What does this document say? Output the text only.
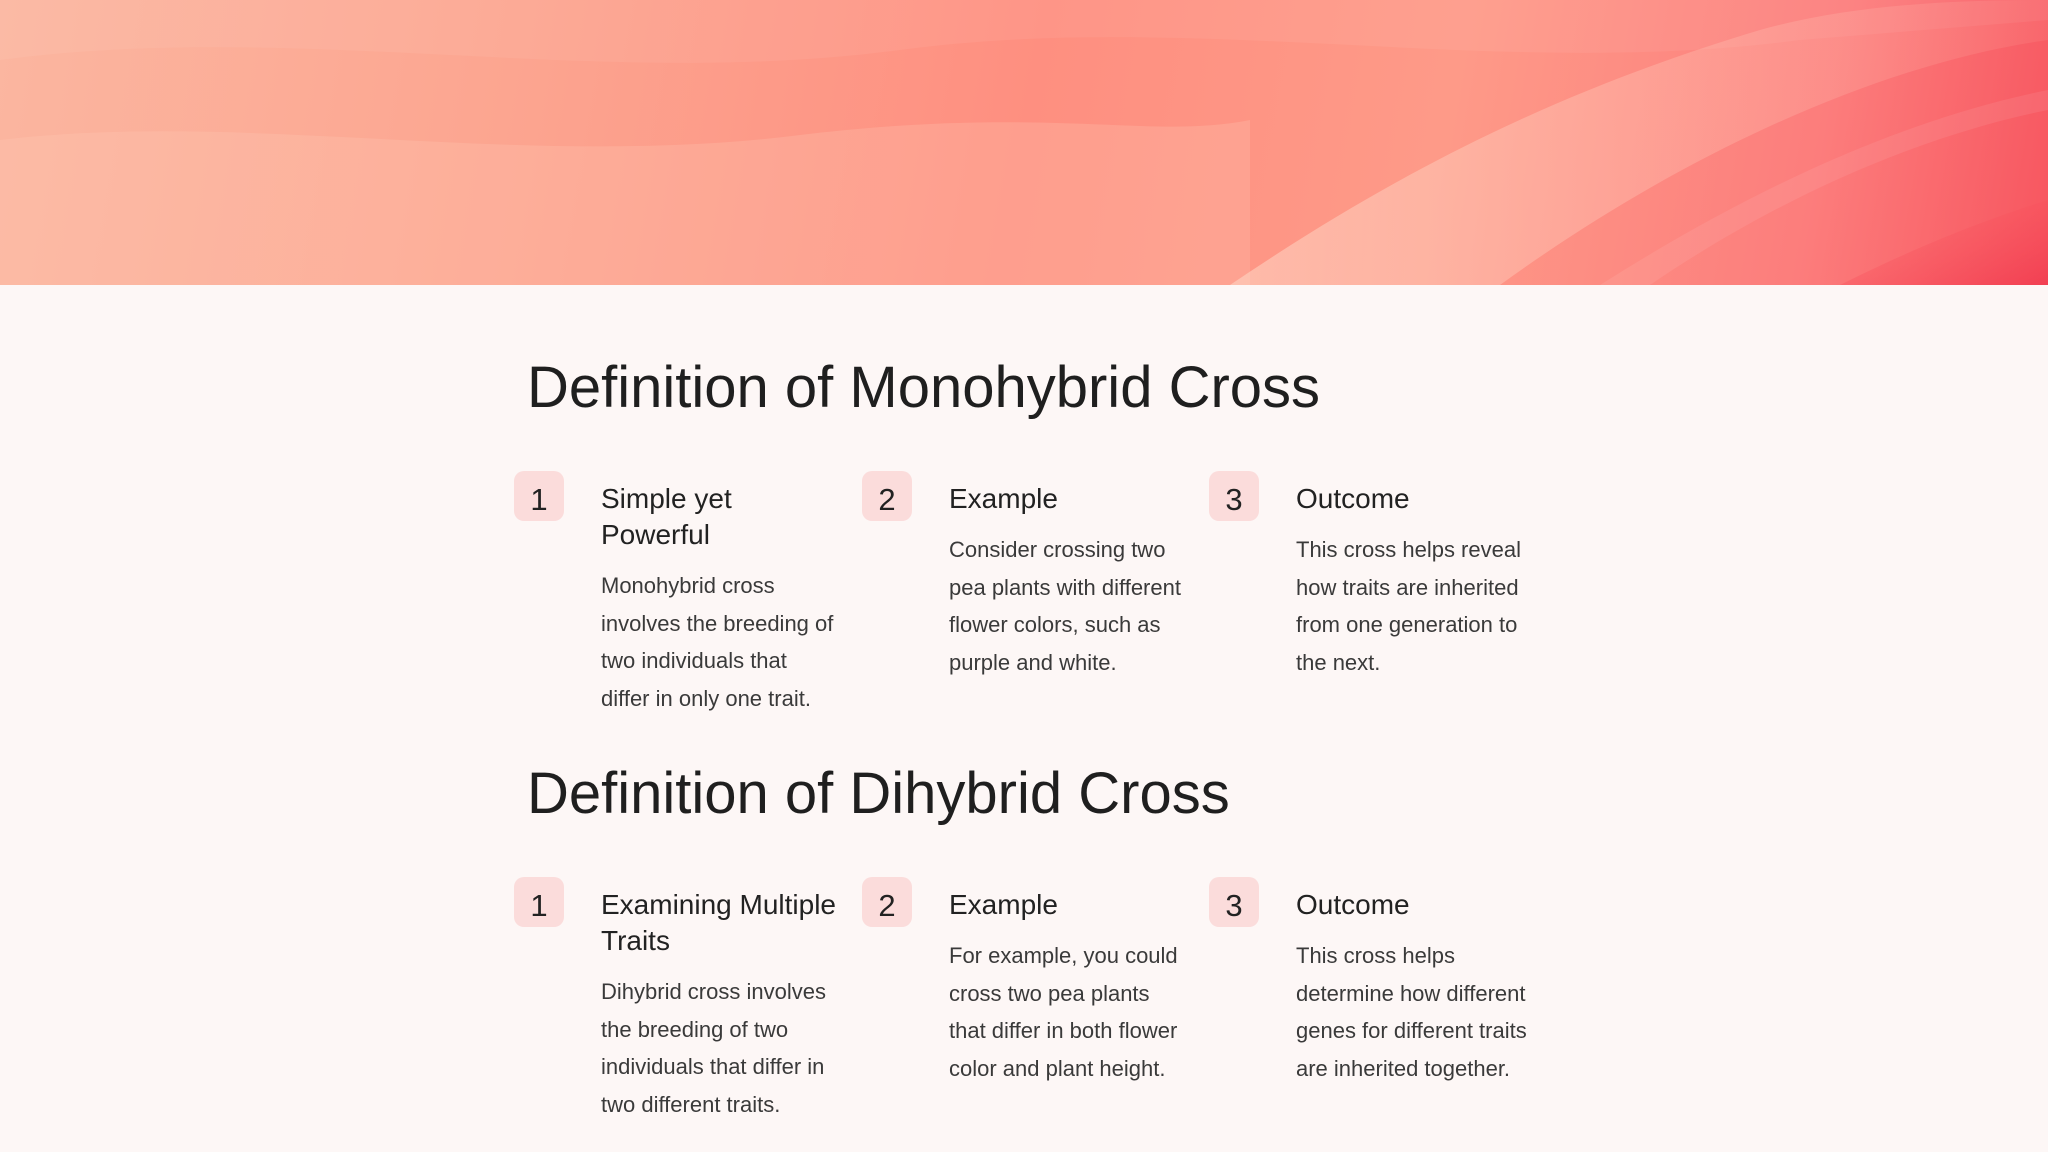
Definition of Monohybrid Cross
1	Simple yet Powerful

Monohybrid cross involves the breeding of two individuals that differ in only one trait.

2	Example

Consider crossing two pea plants with different flower colors, such as purple and white.

3	Outcome

This cross helps reveal how traits are inherited from one generation to the next.

Definition of Dihybrid Cross
1	Examining Multiple Traits

Dihybrid cross involves the breeding of two individuals that differ in two different traits.

2	Example

For example, you could cross two pea plants that differ in both flower color and plant height.

3	Outcome

This cross helps determine how different genes for different traits are inherited together.
